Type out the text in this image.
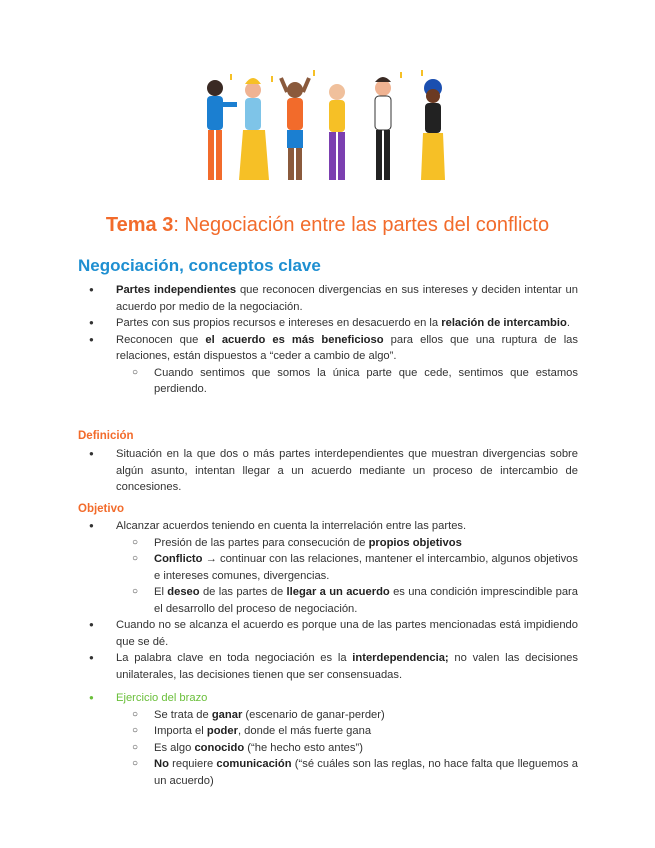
Tema 3: Negociación entre las partes del conflicto
Negociación, conceptos clave
● Partes independientes que reconocen divergencias en sus intereses y deciden intentar un acuerdo por medio de la negociación.
● Partes con sus propios recursos e intereses en desacuerdo en la relación de intercambio.
● Reconocen que el acuerdo es más beneficioso para ellos que una ruptura de las relaciones, están dispuestos a “ceder a cambio de algo”.
○ Cuando sentimos que somos la única parte que cede, sentimos que estamos perdiendo.
Definición
● Situación en la que dos o más partes interdependientes que muestran divergencias sobre algún asunto, intentan llegar a un acuerdo mediante un proceso de intercambio de concesiones.
Objetivo
● Alcanzar acuerdos teniendo en cuenta la interrelación entre las partes.
○ Presión de las partes para consecución de propios objetivos
○ Conflicto → continuar con las relaciones, mantener el intercambio, algunos objetivos e intereses comunes, divergencias.
○ El deseo de las partes de llegar a un acuerdo es una condición imprescindible para el desarrollo del proceso de negociación.
● Cuando no se alcanza el acuerdo es porque una de las partes mencionadas está impidiendo que se dé.
● La palabra clave en toda negociación es la interdependencia; no valen las decisiones unilaterales, las decisiones tienen que ser consensuadas.
● Ejercicio del brazo
○ Se trata de ganar (escenario de ganar-perder)
○ Importa el poder, donde el más fuerte gana
○ Es algo conocido (“he hecho esto antes”)
○ No requiere comunicación (“sé cuáles son las reglas, no hace falta que lleguemos a un acuerdo)
